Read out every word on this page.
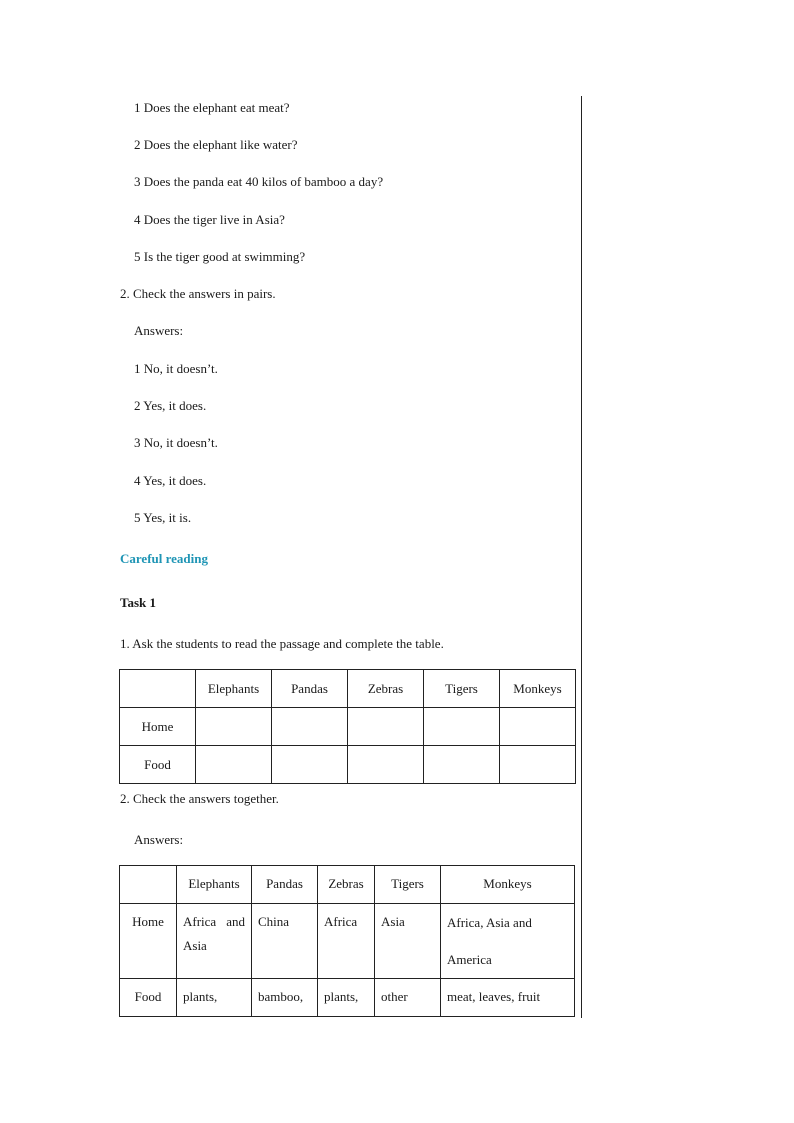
1 Does the elephant eat meat?
2 Does the elephant like water?
3 Does the panda eat 40 kilos of bamboo a day?
4 Does the tiger live in Asia?
5 Is the tiger good at swimming?
2. Check the answers in pairs.
Answers:
1 No, it doesn’t.
2 Yes, it does.
3 No, it doesn’t.
4 Yes, it does.
5 Yes, it is.
Careful reading
Task 1
1. Ask the students to read the passage and complete the table.
	Elephants	Pandas	Zebras	Tigers	Monkeys
Home					
Food					
2. Check the answers together.
Answers:
	Elephants	Pandas	Zebras	Tigers	Monkeys
Home	Africa and Asia	China	Africa	Asia	Africa, Asia and America
Food	plants,	bamboo,	plants,	other	meat, leaves, fruit
